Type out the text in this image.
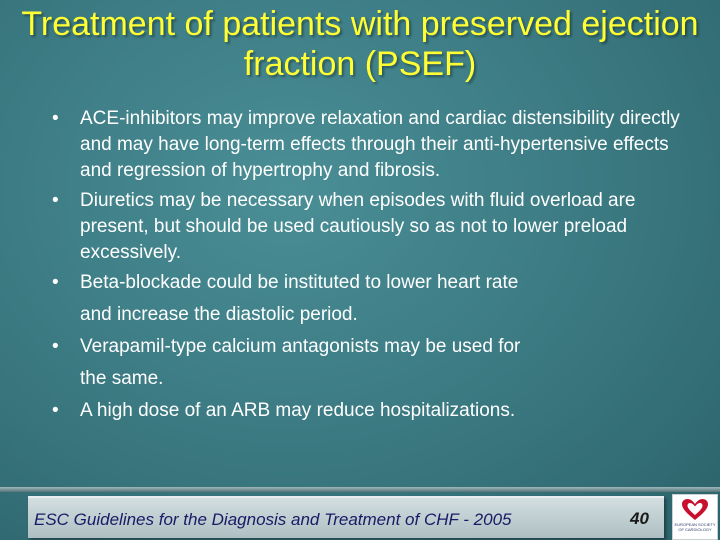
Treatment of patients with preserved ejection fraction (PSEF)
• ACE-inhibitors may improve relaxation and cardiac distensibility directly and may have long-term effects through their anti-hypertensive effects and regression of hypertrophy and fibrosis.
• Diuretics may be necessary when episodes with fluid overload are present, but should be used cautiously so as not to lower preload excessively.
• Beta-blockade could be instituted to lower heart rate
and increase the diastolic period.
• Verapamil-type calcium antagonists may be used for
the same.
• A high dose of an ARB may reduce hospitalizations.
ESC Guidelines for the Diagnosis and Treatment of CHF - 2005	40	EUROPEAN SOCIETY OF CARDIOLOGY
